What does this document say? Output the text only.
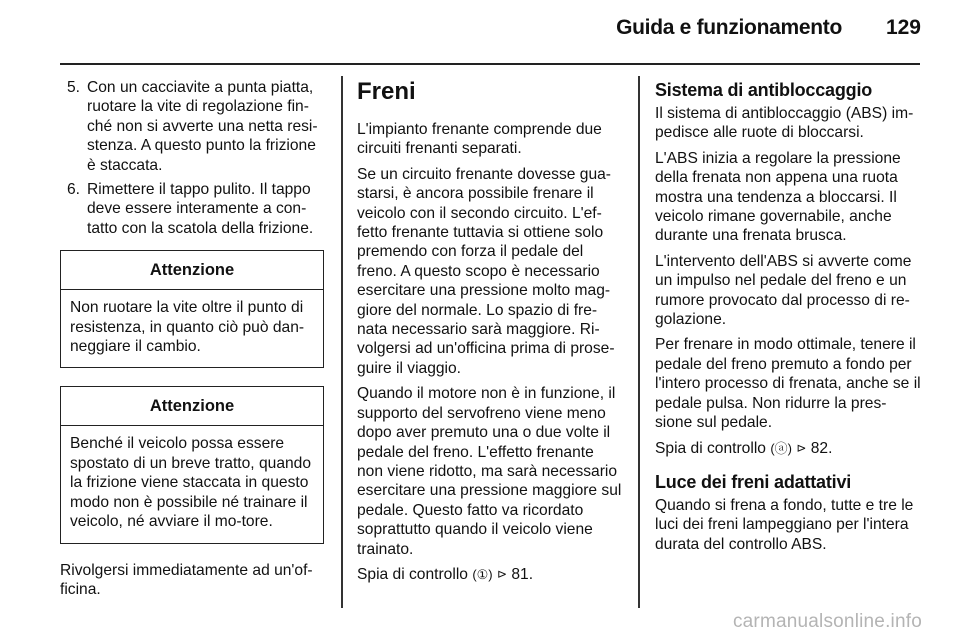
Guida e funzionamento 129
5. Con un cacciavite a punta piatta, ruotare la vite di regolazione fin-ché non si avverte una netta resi-stenza. A questo punto la frizione è staccata.
6. Rimettere il tappo pulito. Il tappo deve essere interamente a con-tatto con la scatola della frizione.
Attenzione
Non ruotare la vite oltre il punto di resistenza, in quanto ciò può dan-neggiare il cambio.
Attenzione
Benché il veicolo possa essere spostato di un breve tratto, quando la frizione viene staccata in questo modo non è possibile né trainare il veicolo, né avviare il mo-tore.

Rivolgersi immediatamente ad un'of-ficina.

Freni

L'impianto frenante comprende due circuiti frenanti separati.

Se un circuito frenante dovesse gua-starsi, è ancora possibile frenare il veicolo con il secondo circuito. L'ef-fetto frenante tuttavia si ottiene solo premendo con forza il pedale del freno. A questo scopo è necessario esercitare una pressione molto mag-giore del normale. Lo spazio di fre-nata necessario sarà maggiore. Ri-volgersi ad un'officina prima di prose-guire il viaggio.

Quando il motore non è in funzione, il supporto del servofreno viene meno dopo aver premuto una o due volte il pedale del freno. L'effetto frenante non viene ridotto, ma sarà necessario esercitare una pressione maggiore sul pedale. Questo fatto va ricordato soprattutto quando il veicolo viene trainato.

Spia di controllo (①) ⊳ 81.

Sistema di antibloccaggio

Il sistema di antibloccaggio (ABS) im-pedisce alle ruote di bloccarsi.

L'ABS inizia a regolare la pressione della frenata non appena una ruota mostra una tendenza a bloccarsi. Il veicolo rimane governabile, anche durante una frenata brusca.

L'intervento dell'ABS si avverte come un impulso nel pedale del freno e un rumore provocato dal processo di re-golazione.

Per frenare in modo ottimale, tenere il pedale del freno premuto a fondo per l'intero processo di frenata, anche se il pedale pulsa. Non ridurre la pres-sione sul pedale.

Spia di controllo (ⓐ) ⊳ 82.

Luce dei freni adattativi

Quando si frena a fondo, tutte e tre le luci dei freni lampeggiano per l'intera durata del controllo ABS.

carmanualsonline.info
